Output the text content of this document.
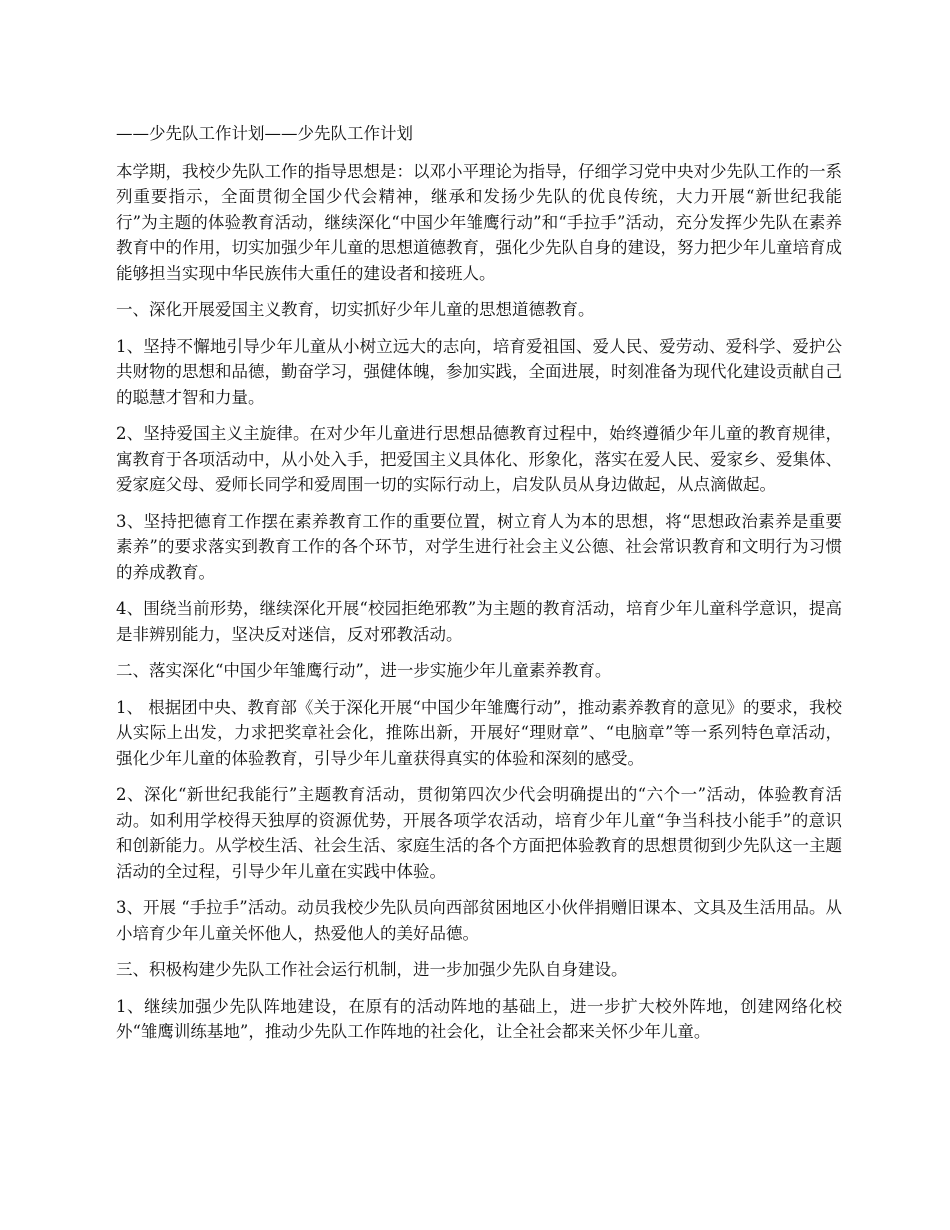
——少先队工作计划——少先队工作计划

本学期，我校少先队工作的指导思想是：以邓小平理论为指导，仔细学习党中央对少先队工作的一系列重要指示，全面贯彻全国少代会精神，继承和发扬少先队的优良传统，大力开展“新世纪我能行”为主题的体验教育活动，继续深化“中国少年雏鹰行动”和“手拉手”活动，充分发挥少先队在素养教育中的作用，切实加强少年儿童的思想道德教育，强化少先队自身的建设，努力把少年儿童培育成能够担当实现中华民族伟大重任的建设者和接班人。

一、深化开展爱国主义教育，切实抓好少年儿童的思想道德教育。

1、坚持不懈地引导少年儿童从小树立远大的志向，培育爱祖国、爱人民、爱劳动、爱科学、爱护公共财物的思想和品德，勤奋学习，强健体魄，参加实践，全面进展，时刻准备为现代化建设贡献自己的聪慧才智和力量。

2、坚持爱国主义主旋律。在对少年儿童进行思想品德教育过程中，始终遵循少年儿童的教育规律，寓教育于各项活动中，从小处入手，把爱国主义具体化、形象化，落实在爱人民、爱家乡、爱集体、爱家庭父母、爱师长同学和爱周围一切的实际行动上，启发队员从身边做起，从点滴做起。

3、坚持把德育工作摆在素养教育工作的重要位置，树立育人为本的思想，将“思想政治素养是重要素养”的要求落实到教育工作的各个环节，对学生进行社会主义公德、社会常识教育和文明行为习惯的养成教育。

4、围绕当前形势，继续深化开展“校园拒绝邪教”为主题的教育活动，培育少年儿童科学意识，提高是非辨别能力，坚决反对迷信，反对邪教活动。

二、落实深化“中国少年雏鹰行动”，进一步实施少年儿童素养教育。

1、 根据团中央、教育部《关于深化开展“中国少年雏鹰行动”，推动素养教育的意见》的要求，我校从实际上出发，力求把奖章社会化，推陈出新，开展好“理财章”、“电脑章”等一系列特色章活动，强化少年儿童的体验教育，引导少年儿童获得真实的体验和深刻的感受。

2、深化“新世纪我能行”主题教育活动，贯彻第四次少代会明确提出的“六个一”活动，体验教育活动。如利用学校得天独厚的资源优势，开展各项学农活动，培育少年儿童“争当科技小能手”的意识和创新能力。从学校生活、社会生活、家庭生活的各个方面把体验教育的思想贯彻到少先队这一主题活动的全过程，引导少年儿童在实践中体验。

3、开展 “手拉手”活动。动员我校少先队员向西部贫困地区小伙伴捐赠旧课本、文具及生活用品。从小培育少年儿童关怀他人，热爱他人的美好品德。

三、积极构建少先队工作社会运行机制，进一步加强少先队自身建设。

1、继续加强少先队阵地建设，在原有的活动阵地的基础上，进一步扩大校外阵地，创建网络化校外“雏鹰训练基地”，推动少先队工作阵地的社会化，让全社会都来关怀少年儿童。
